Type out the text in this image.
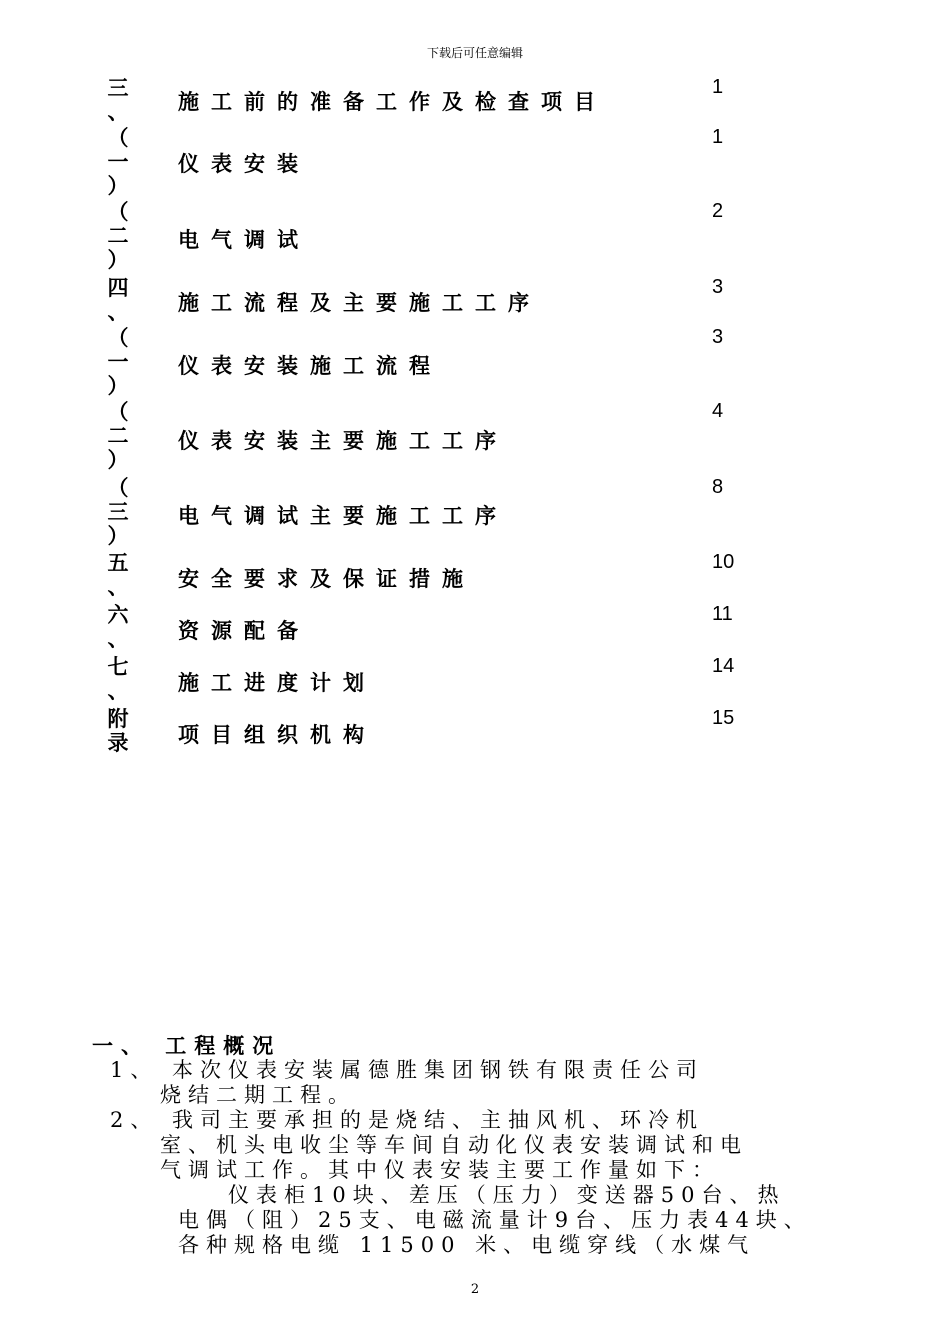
下载后可任意编辑
三
、 施工前的准备工作及检查项目
1
（
一
）
仪表安装
1
（
二
）
电气调试
2
四
、 施工流程及主要施工工序
3
（
一
）
仪表安装施工流程
3
（
二
）
仪表安装主要施工工序
4
（
三
）
电气调试主要施工工序
8
五
、 安全要求及保证措施
10
六
、 资源配备
11
七
、 施工进度计划
14
附
录 项目组织机构
15
一、 工程概况
1、 本次仪表安装属德胜集团钢铁有限责任公司
烧结二期工程。
2、 我司主要承担的是烧结、主抽风机、环冷机
室、机头电收尘等车间自动化仪表安装调试和电
气调试工作。其中仪表安装主要工作量如下：
仪表柜10块、差压（压力）变送器50台、热
电偶（阻）25支、电磁流量计9台、压力表44块、
各种规格电缆 11500 米、电缆穿线（水煤气
2
